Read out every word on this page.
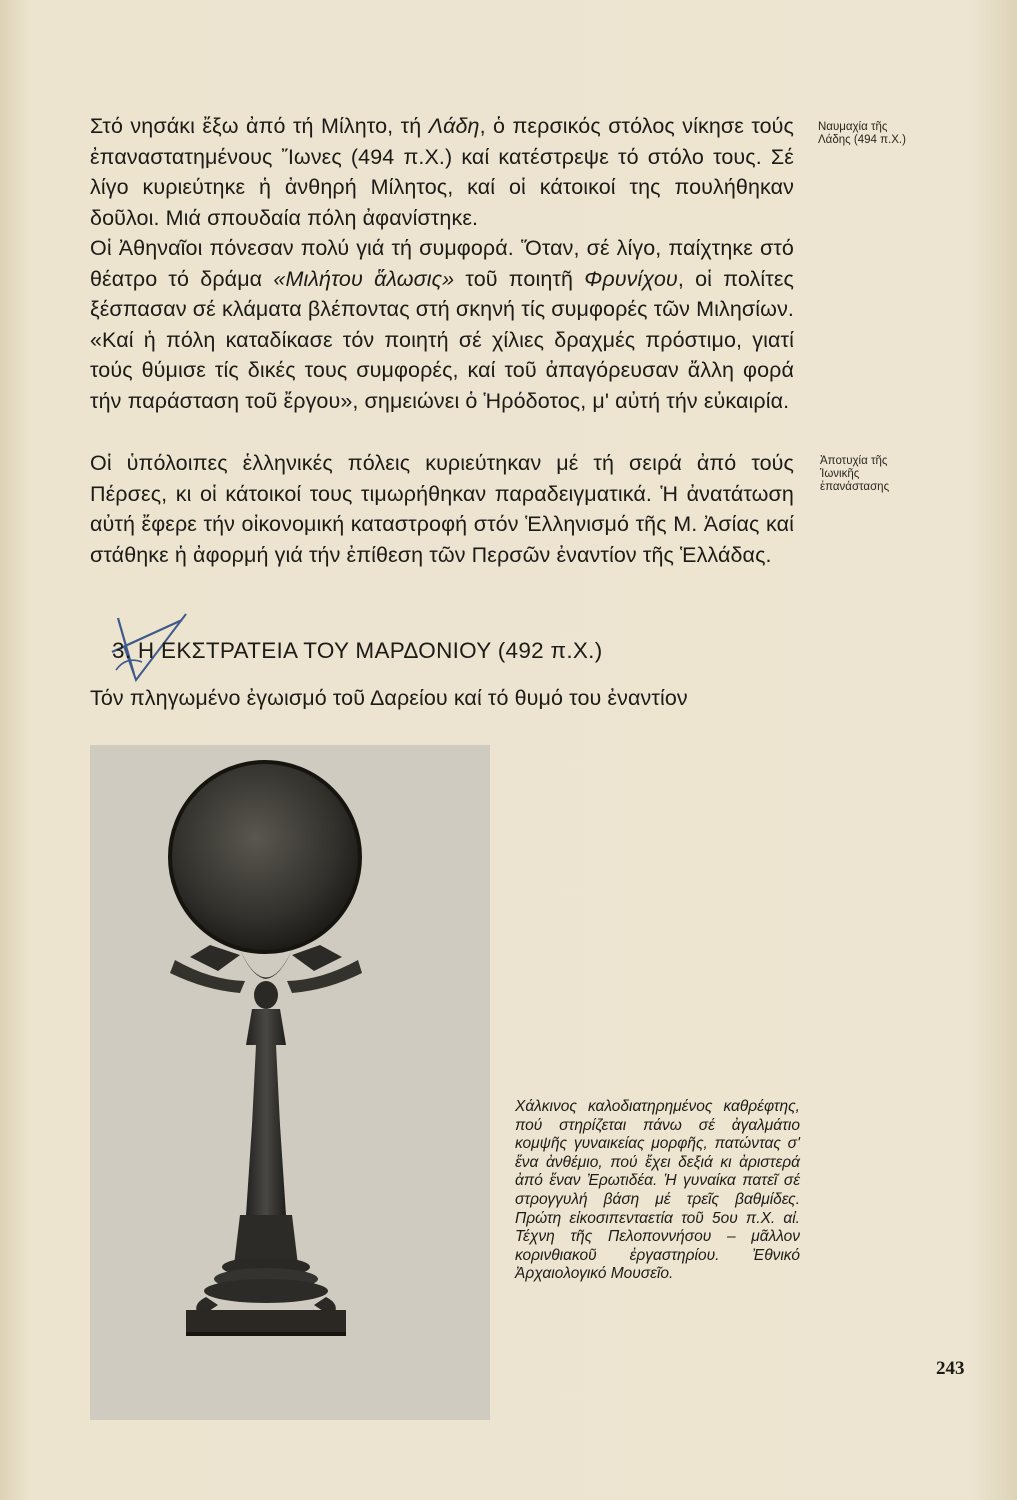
Στό νησάκι ἔξω ἀπό τή Μίλητο, τή Λάδη, ὁ περσικός στόλος νίκησε τούς ἐπαναστατημένους Ἴωνες (494 π.Χ.) καί κατέστρεψε τό στόλο τους. Σέ λίγο κυριεύτηκε ἡ ἀνθηρή Μίλητος, καί οἱ κάτοικοί της πουλήθηκαν δοῦλοι. Μιά σπουδαία πόλη ἀφανίστηκε.

Οἱ Ἀθηναῖοι πόνεσαν πολύ γιά τή συμφορά. Ὅταν, σέ λίγο, παίχτηκε στό θέατρο τό δράμα «Μιλήτου ἅλωσις» τοῦ ποιητῆ Φρυνίχου, οἱ πολίτες ξέσπασαν σέ κλάματα βλέποντας στή σκηνή τίς συμφορές τῶν Μιλησίων. «Καί ἡ πόλη καταδίκασε τόν ποιητή σέ χίλιες δραχμές πρόστιμο, γιατί τούς θύμισε τίς δικές τους συμφορές, καί τοῦ ἀπαγόρευσαν ἄλλη φορά τήν παράσταση τοῦ ἔργου», σημειώνει ὁ Ἡρόδοτος, μ' αὐτή τήν εὐκαιρία.

Οἱ ὑπόλοιπες ἑλληνικές πόλεις κυριεύτηκαν μέ τή σειρά ἀπό τούς Πέρσες, κι οἱ κάτοικοί τους τιμωρήθηκαν παραδειγματικά. Ἡ ἀνατάτωση αὐτή ἔφερε τήν οἰκονομική καταστροφή στόν Ἑλληνισμό τῆς Μ. Ἀσίας καί στάθηκε ἡ ἀφορμή γιά τήν ἐπίθεση τῶν Περσῶν ἐναντίον τῆς Ἑλλάδας.

Ναυμαχία τῆς
Λάδης (494 π.Χ.)
Ἀποτυχία τῆς
Ἰωνικῆς
ἐπανάστασης
3. Η ΕΚΣΤΡΑΤΕΙΑ ΤΟΥ ΜΑΡΔΟΝΙΟΥ (492 π.Χ.)

Τόν πληγωμένο ἐγωισμό τοῦ Δαρείου καί τό θυμό του ἐναντίον

Χάλκινος καλοδιατηρημένος καθρέφτης, πού στηρίζεται πάνω σέ ἀγαλμάτιο κομψῆς γυναικείας μορφῆς, πατώντας σ' ἕνα ἀνθέμιο, πού ἔχει δεξιά κι ἀριστερά ἀπό ἕναν Ἐρωτιδέα. Ἡ γυναίκα πατεῖ σέ στρογγυλή βάση μέ τρεῖς βαθμίδες. Πρώτη εἰκοσιπενταετία τοῦ 5ου π.Χ. αἰ. Τέχνη τῆς Πελοποννήσου – μᾶλλον κορινθιακοῦ ἐργαστηρίου. Ἐθνικό Ἀρχαιολογικό Μουσεῖο.

243
